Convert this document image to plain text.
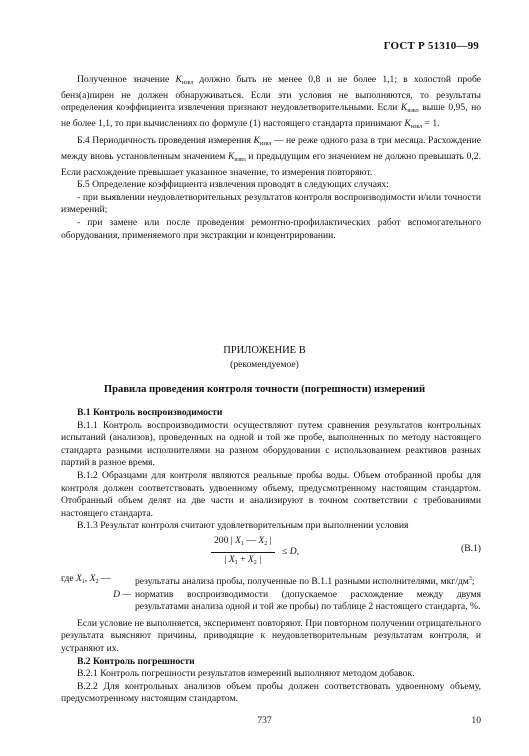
ГОСТ Р 51310—99

Полученное значение $K_{извл}$ должно быть не менее 0,8 и не более 1,1; в холостой пробе бенз(а)пирен не должен обнаруживаться. Если эти условия не выполняются, то результаты определения коэффициента извлечения признают неудовлетворительными. Если $K_{извл}$ выше 0,95, но не более 1,1, то при вычислениях по формуле (1) настоящего стандарта принимают $K_{извл} = 1$.

Б.4 Периодичность проведения измерения $K_{извл}$ — не реже одного раза в три месяца. Расхождение между вновь установленным значением $K_{извл}$ и предыдущим его значением не должно превышать 0,2. Если расхождение превышает указанное значение, то измерения повторяют.

Б.5 Определение коэффициента извлечения проводят в следующих случаях:

- при выявлении неудовлетворительных результатов контроля воспроизводимости и/или точности измерений;

- при замене или после проведения ремонтно-профилактических работ вспомогательного оборудования, применяемого при экстракции и концентрировании.

ПРИЛОЖЕНИЕ В
(рекомендуемое)
Правила проведения контроля точности (погрешности) измерений

В.1 Контроль воспроизводимости

В.1.1 Контроль воспроизводимости осуществляют путем сравнения результатов контрольных испытаний (анализов), проведенных на одной и той же пробе, выполненных по методу настоящего стандарта разными исполнителями на разном оборудовании с использованием реактивов разных партий в разное время.

В.1.2 Образцами для контроля являются реальные пробы воды. Объем отобранной пробы для контроля должен соответствовать удвоенному объему, предусмотренному настоящим стандартом. Отобранный объем делят на две части и анализируют в точном соответствии с требованиями настоящего стандарта.

В.1.3 Результат контроля считают удовлетворительным при выполнении условия

200 | $X_1$ — $X_2$ |
| $X_1 + X_2$ |
≤ D,	(В.1)
где $X_1$, $X_2$ —	результаты анализа пробы, полученные по В.1.1 разными исполнителями, мкг/$дм^3$;
D — норматив воспроизводимости (допускаемое расхождение между двумя результатами анализа одной и той же пробы) по таблице 2 настоящего стандарта, %.

Если условие не выполняется, эксперимент повторяют. При повторном получении отрицательного результата выясняют причины, приводящие к неудовлетворительным результатам контроля, и устраняют их.

В.2 Контроль погрешности

В.2.1 Контроль погрешности результатов измерений выполняют методом добавок.

В.2.2 Для контрольных анализов объем пробы должен соответствовать удвоенному объему, предусмотренному настоящим стандартом.

737	10
